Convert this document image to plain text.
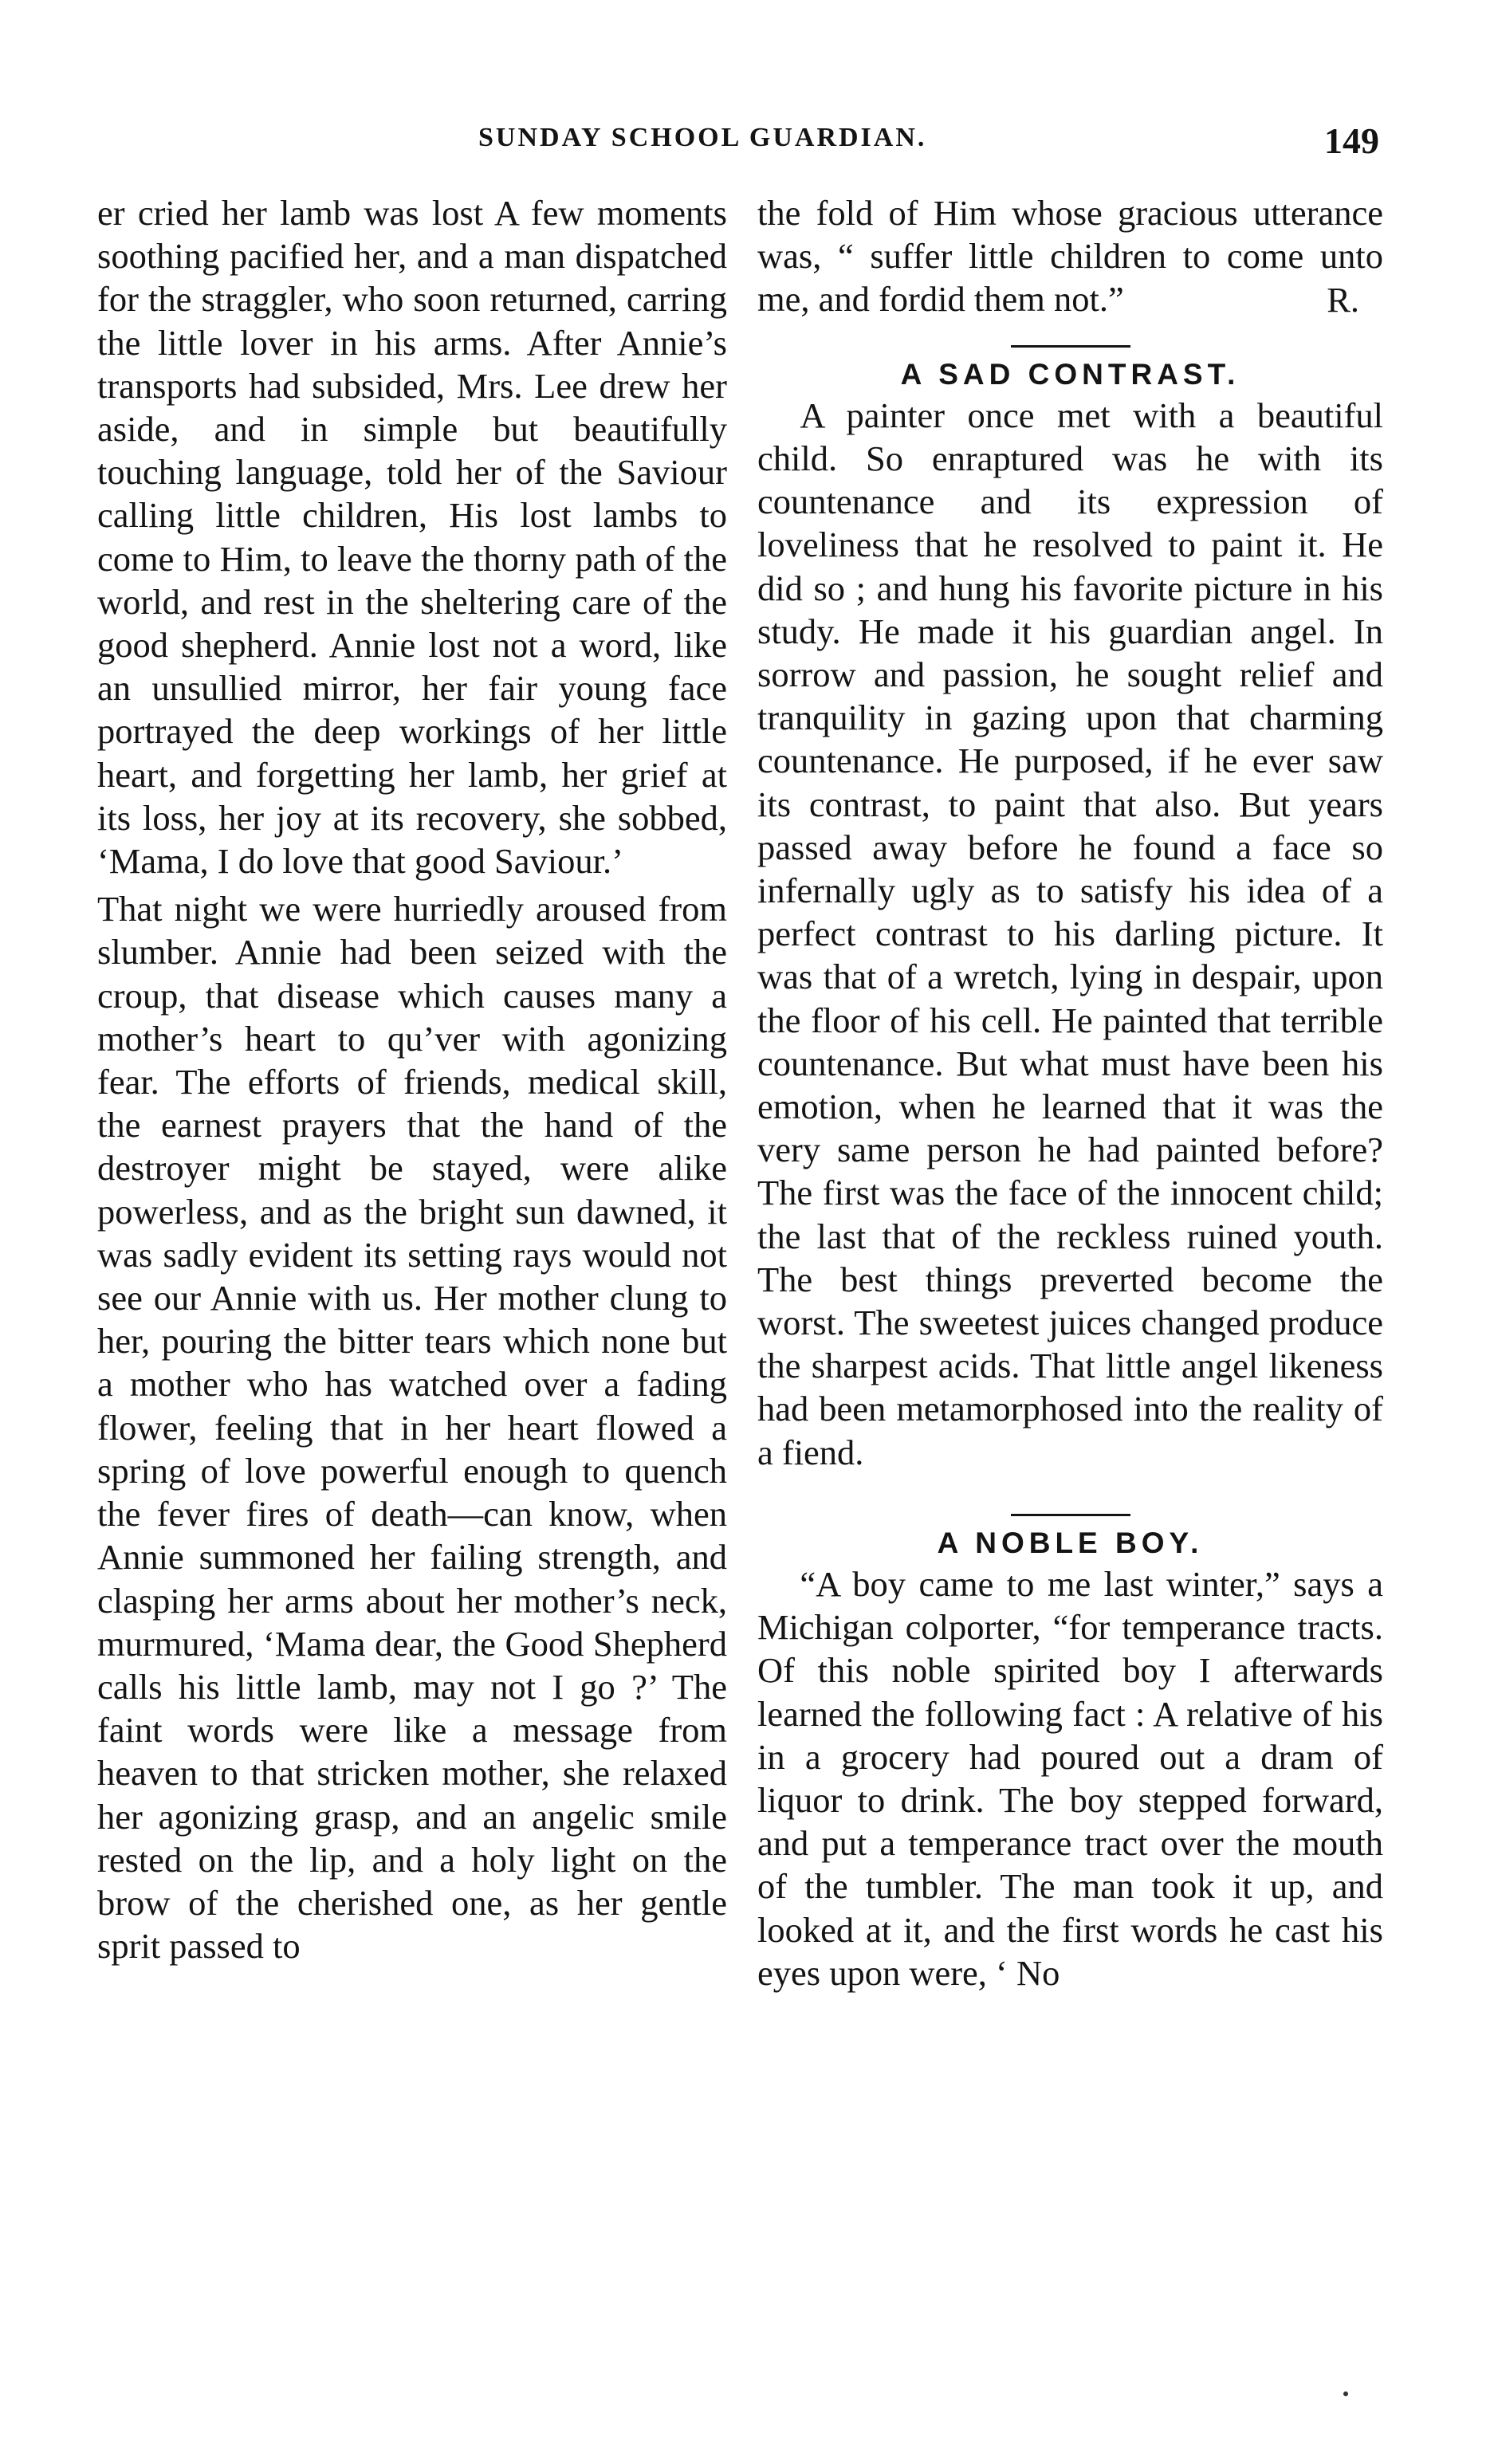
SUNDAY SCHOOL GUARDIAN.	149

er cried her lamb was lost A few moments soothing pacified her, and a man dispatched for the straggler, who soon returned, carring the little lover in his arms. After Annie’s transports had subsided, Mrs. Lee drew her aside, and in simple but beautifully touching language, told her of the Saviour calling little children, His lost lambs to come to Him, to leave the thorny path of the world, and rest in the sheltering care of the good shepherd. Annie lost not a word, like an unsullied mirror, her fair young face portrayed the deep workings of her little heart, and forgetting her lamb, her grief at its loss, her joy at its recovery, she sobbed, ‘Mama, I do love that good Saviour.’

That night we were hurriedly aroused from slumber. Annie had been seized with the croup, that disease which causes many a mother’s heart to qu’ver with agonizing fear. The efforts of friends, medical skill, the earnest prayers that the hand of the destroyer might be stayed, were alike powerless, and as the bright sun dawned, it was sadly evident its setting rays would not see our Annie with us. Her mother clung to her, pouring the bitter tears which none but a mother who has watched over a fading flower, feeling that in her heart flowed a spring of love powerful enough to quench the fever fires of death—can know, when Annie summoned her failing strength, and clasping her arms about her mother’s neck, murmured, ‘Mama dear, the Good Shepherd calls his little lamb, may not I go ?’ The faint words were like a message from heaven to that stricken mother, she relaxed her agonizing grasp, and an angelic smile rested on the lip, and a holy light on the brow of the cherished one, as her gentle sprit passed to

the fold of Him whose gracious utterance was, “ suffer little children to come unto me, and fordid them not.”	R.

A SAD CONTRAST.

A painter once met with a beautiful child. So enraptured was he with its countenance and its expression of loveliness that he resolved to paint it. He did so ; and hung his favorite picture in his study. He made it his guardian angel. In sorrow and passion, he sought relief and tranquility in gazing upon that charming countenance. He purposed, if he ever saw its contrast, to paint that also. But years passed away before he found a face so infernally ugly as to satisfy his idea of a perfect contrast to his darling picture. It was that of a wretch, lying in despair, upon the floor of his cell. He painted that terrible countenance. But what must have been his emotion, when he learned that it was the very same person he had painted before? The first was the face of the innocent child; the last that of the reckless ruined youth. The best things preverted become the worst. The sweetest juices changed produce the sharpest acids. That little angel likeness had been metamorphosed into the reality of a fiend.

A NOBLE BOY.

“A boy came to me last winter,” says a Michigan colporter, “for temperance tracts. Of this noble spirited boy I afterwards learned the following fact : A relative of his in a grocery had poured out a dram of liquor to drink. The boy stepped forward, and put a temperance tract over the mouth of the tumbler. The man took it up, and looked at it, and the first words he cast his eyes upon were, ‘ No
